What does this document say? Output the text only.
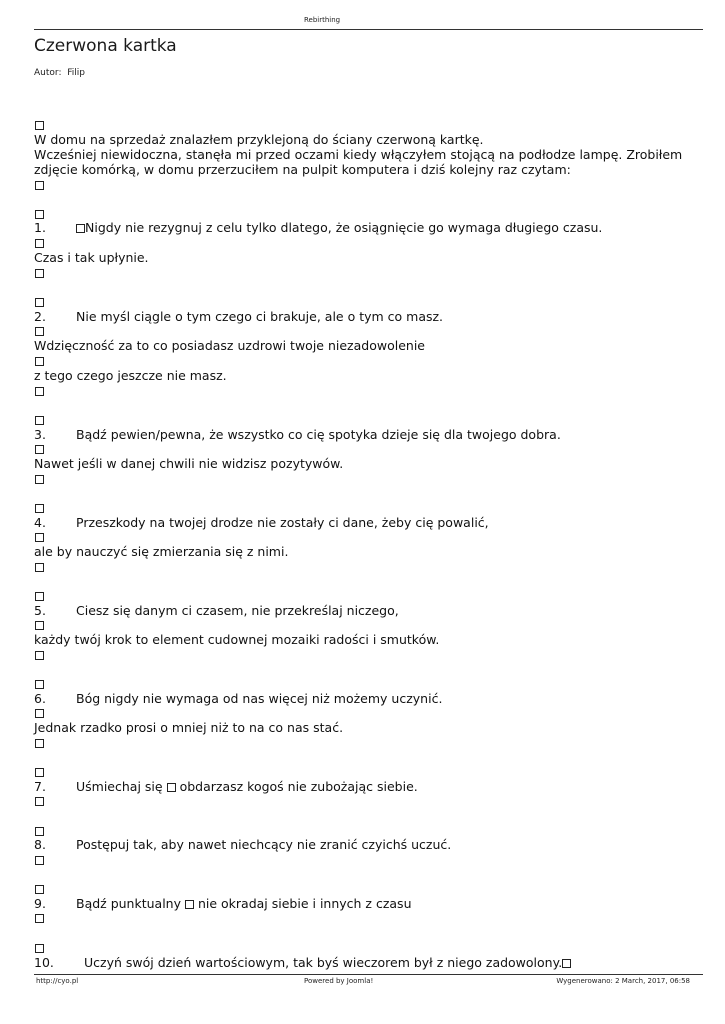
Rebirthing
Czerwona kartka
Autor: Filip
W domu na sprzedaż znalazłem przyklejoną do ściany czerwoną kartkę.
Wcześniej niewidoczna, stanęła mi przed oczami kiedy włączyłem stojącą na podłodze lampę. Zrobiłem
zdjęcie komórką, w domu przerzuciłem na pulpit komputera i dziś kolejny raz czytam:
1.	Nigdy nie rezygnuj z celu tylko dlatego, że osiągnięcie go wymaga długiego czasu.
Czas i tak upłynie.
2. Nie myśl ciągle o tym czego ci brakuje, ale o tym co masz.
Wdzięczność za to co posiadasz uzdrowi twoje niezadowolenie
z tego czego jeszcze nie masz.
3. Bądź pewien/pewna, że wszystko co cię spotyka dzieje się dla twojego dobra.
Nawet jeśli w danej chwili nie widzisz pozytywów.
4. Przeszkody na twojej drodze nie zostały ci dane, żeby cię powalić,
ale by nauczyć się zmierzania się z nimi.
5. Ciesz się danym ci czasem, nie przekreślaj niczego,
każdy twój krok to element cudownej mozaiki radości i smutków.
6. Bóg nigdy nie wymaga od nas więcej niż możemy uczynić.
Jednak rzadko prosi o mniej niż to na co nas stać.
7. Uśmiechaj się obdarzasz kogoś nie zubożając siebie.
8. Postępuj tak, aby nawet niechcący nie zranić czyichś uczuć.
9. Bądź punktualny nie okradaj siebie i innych z czasu
10. Uczyń swój dzień wartościowym, tak byś wieczorem był z niego zadowolony.
http://cyo.pl	Powered by Joomla!	Wygenerowano: 2 March, 2017, 06:58
